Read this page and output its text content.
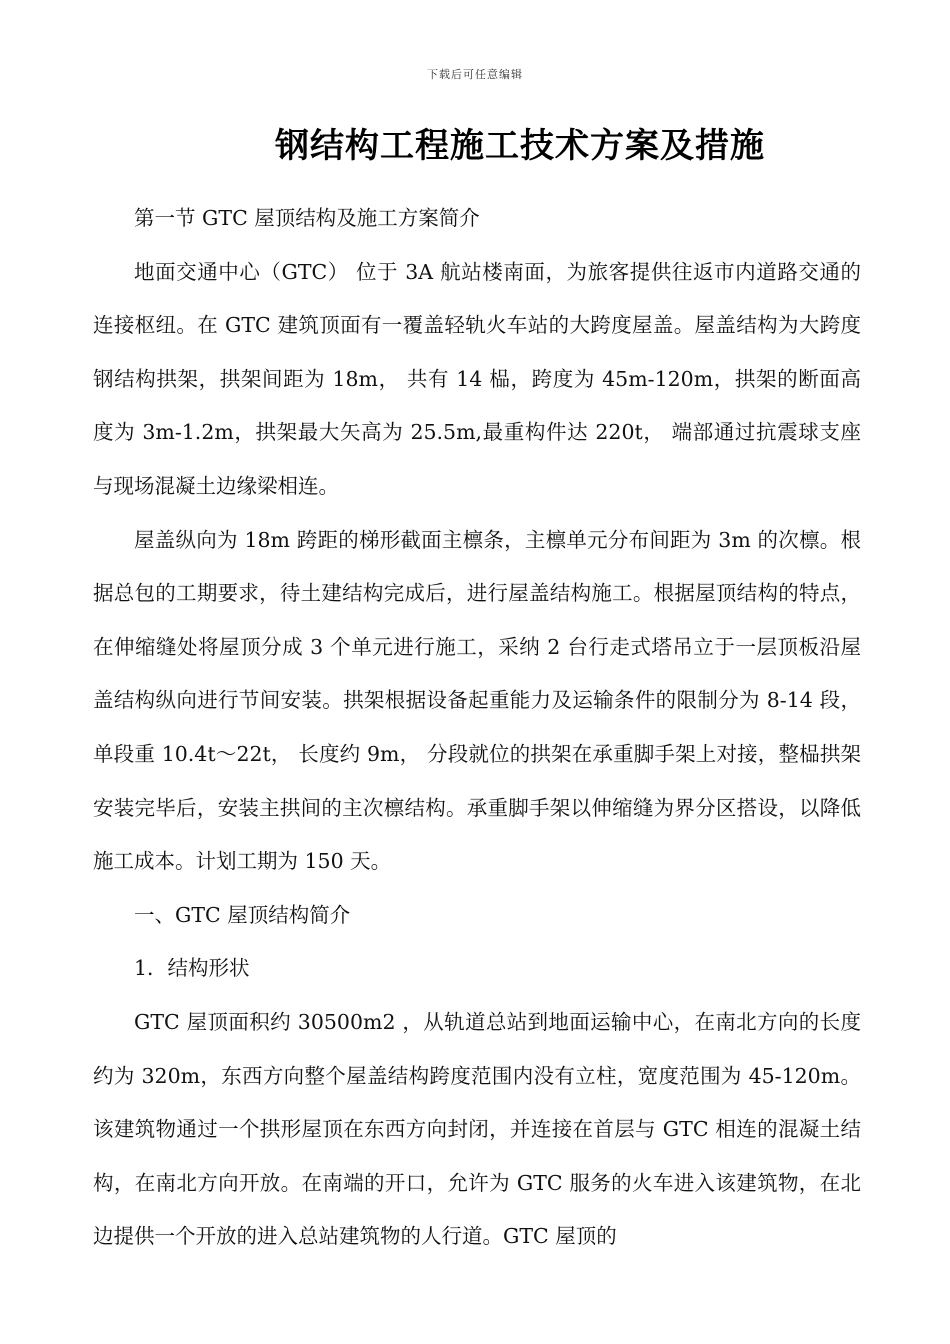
下载后可任意编辑
钢结构工程施工技术方案及措施

第一节 GTC 屋顶结构及施工方案简介

地面交通中心（GTC） 位于 3A 航站楼南面，为旅客提供往返市内道路交通的连接枢纽。在 GTC 建筑顶面有一覆盖轻轨火车站的大跨度屋盖。屋盖结构为大跨度钢结构拱架，拱架间距为 18m， 共有 14 榀，跨度为 45m-120m，拱架的断面高度为 3m-1.2m，拱架最大矢高为 25.5m,最重构件达 220t， 端部通过抗震球支座与现场混凝土边缘梁相连。

屋盖纵向为 18m 跨距的梯形截面主檩条，主檩单元分布间距为 3m 的次檩。根据总包的工期要求，待土建结构完成后，进行屋盖结构施工。根据屋顶结构的特点，在伸缩缝处将屋顶分成 3 个单元进行施工，采纳 2 台行走式塔吊立于一层顶板沿屋盖结构纵向进行节间安装。拱架根据设备起重能力及运输条件的限制分为 8-14 段，单段重 10.4t～22t， 长度约 9m， 分段就位的拱架在承重脚手架上对接，整榀拱架安装完毕后，安装主拱间的主次檩结构。承重脚手架以伸缩缝为界分区搭设，以降低施工成本。计划工期为 150 天。

一、GTC 屋顶结构简介

1．结构形状

GTC 屋顶面积约 30500m2 ，从轨道总站到地面运输中心，在南北方向的长度约为 320m，东西方向整个屋盖结构跨度范围内没有立柱，宽度范围为 45-120m。该建筑物通过一个拱形屋顶在东西方向封闭，并连接在首层与 GTC 相连的混凝土结构，在南北方向开放。在南端的开口，允许为 GTC 服务的火车进入该建筑物，在北边提供一个开放的进入总站建筑物的人行道。GTC 屋顶的
